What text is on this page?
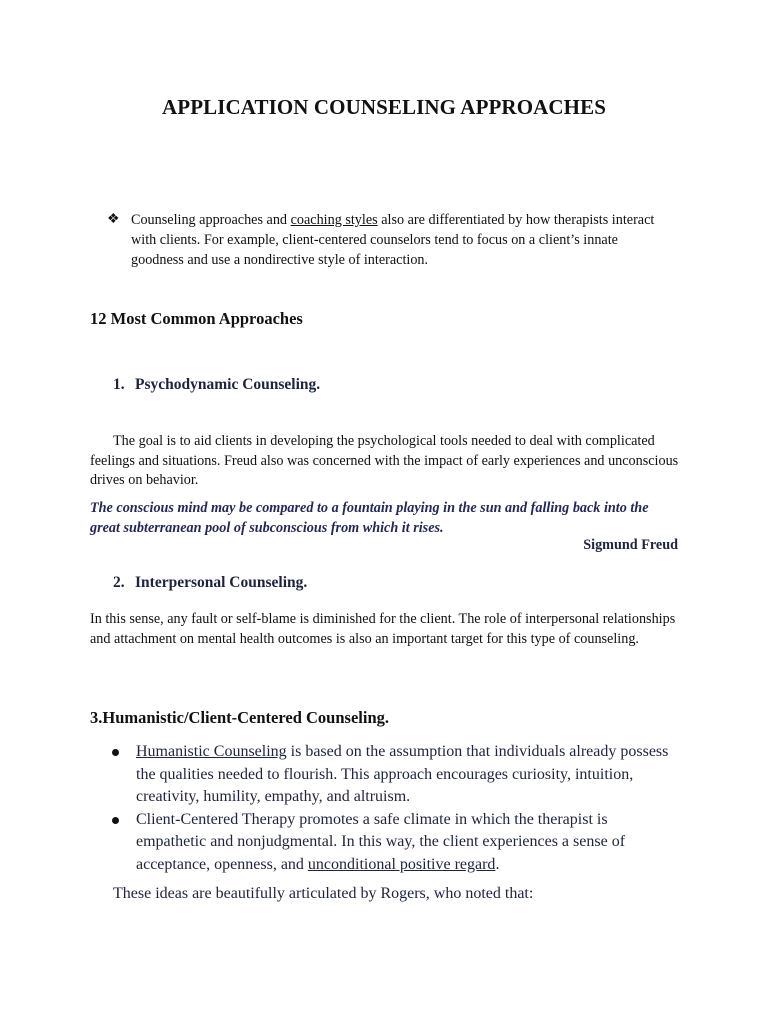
APPLICATION COUNSELING APPROACHES
❖ Counseling approaches and coaching styles also are differentiated by how therapists interact with clients. For example, client-centered counselors tend to focus on a client’s innate goodness and use a nondirective style of interaction.
12 Most Common Approaches
1. Psychodynamic Counseling.
The goal is to aid clients in developing the psychological tools needed to deal with complicated feelings and situations. Freud also was concerned with the impact of early experiences and unconscious drives on behavior.
The conscious mind may be compared to a fountain playing in the sun and falling back into the great subterranean pool of subconscious from which it rises.
Sigmund Freud
2. Interpersonal Counseling.
In this sense, any fault or self-blame is diminished for the client. The role of interpersonal relationships and attachment on mental health outcomes is also an important target for this type of counseling.
3.Humanistic/Client-Centered Counseling.
Humanistic Counseling is based on the assumption that individuals already possess the qualities needed to flourish. This approach encourages curiosity, intuition, creativity, humility, empathy, and altruism.
Client-Centered Therapy promotes a safe climate in which the therapist is empathetic and nonjudgmental. In this way, the client experiences a sense of acceptance, openness, and unconditional positive regard.
These ideas are beautifully articulated by Rogers, who noted that:
